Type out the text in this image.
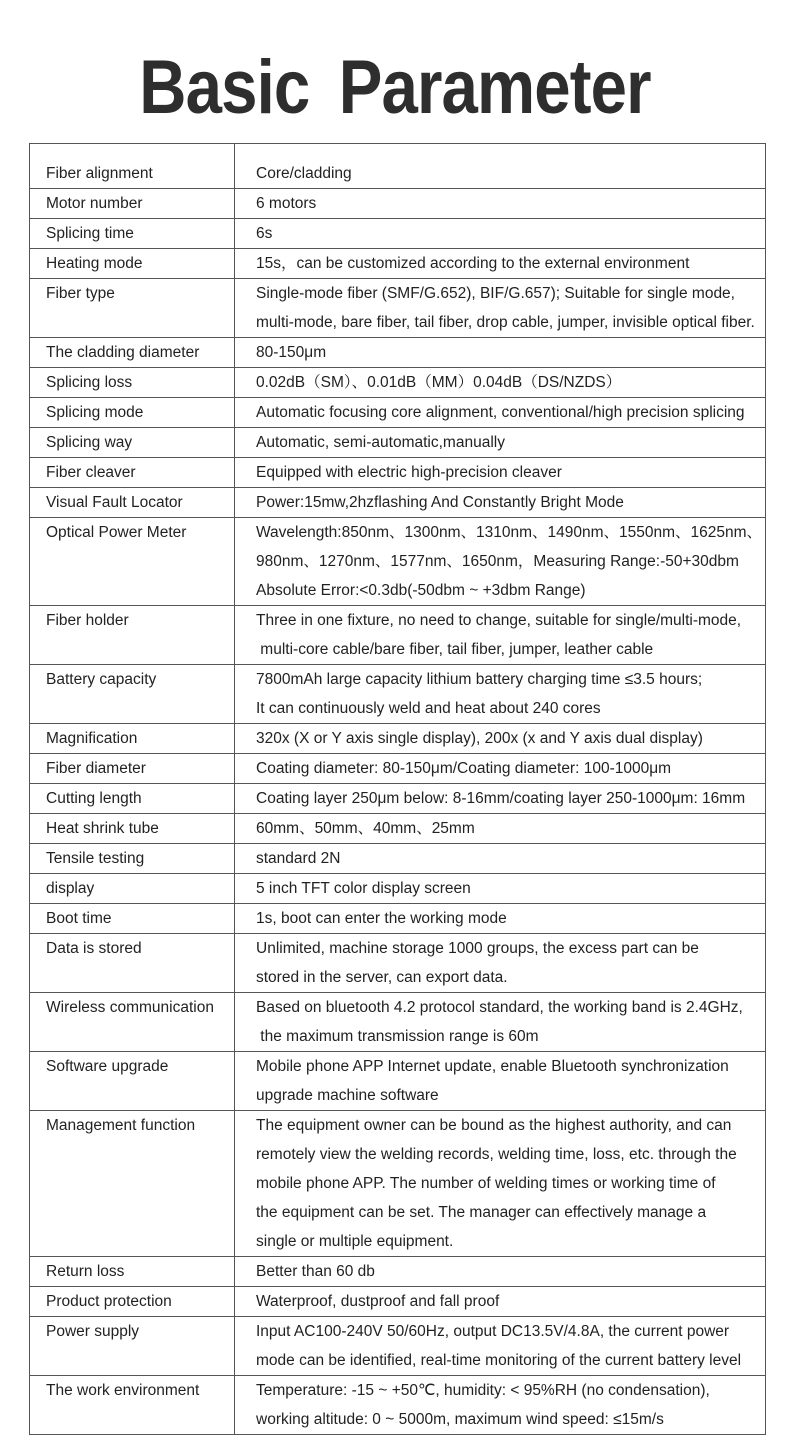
Basic Parameter
Fiber alignment	Core/cladding

Motor number	6 motors

Splicing time	6s

Heating mode	15s，can be customized according to the external environment

Fiber type	Single-mode fiber (SMF/G.652), BIF/G.657); Suitable for single mode,
multi-mode, bare fiber, tail fiber, drop cable, jumper, invisible optical fiber.

The cladding diameter	80-150μm

Splicing loss	0.02dB（SM）、0.01dB（MM）0.04dB（DS/NZDS）

Splicing mode	Automatic focusing core alignment, conventional/high precision splicing

Splicing way	Automatic, semi-automatic,manually

Fiber cleaver	Equipped with electric high-precision cleaver

Visual Fault Locator	Power:15mw,2hzflashing And Constantly Bright Mode

Optical Power Meter	Wavelength:850nm、1300nm、1310nm、1490nm、1550nm、1625nm、
980nm、1270nm、1577nm、1650nm，Measuring Range:-50+30dbm
Absolute Error:<0.3db(-50dbm ~ +3dbm Range)

Fiber holder	Three in one fixture, no need to change, suitable for single/multi-mode,
multi-core cable/bare fiber, tail fiber, jumper, leather cable

Battery capacity	7800mAh large capacity lithium battery charging time ≤3.5 hours;
It can continuously weld and heat about 240 cores

Magnification	320x (X or Y axis single display), 200x (x and Y axis dual display)

Fiber diameter	Coating diameter: 80-150μm/Coating diameter: 100-1000μm

Cutting length	Coating layer 250μm below: 8-16mm/coating layer 250-1000μm: 16mm

Heat shrink tube	60mm、50mm、40mm、25mm

Tensile testing	standard 2N

display	5 inch TFT color display screen

Boot time	1s, boot can enter the working mode

Data is stored	Unlimited, machine storage 1000 groups, the excess part can be
stored in the server, can export data.

Wireless communication	Based on bluetooth 4.2 protocol standard, the working band is 2.4GHz,
the maximum transmission range is 60m

Software upgrade	Mobile phone APP Internet update, enable Bluetooth synchronization
upgrade machine software

Management function	The equipment owner can be bound as the highest authority, and can
remotely view the welding records, welding time, loss, etc. through the
mobile phone APP. The number of welding times or working time of
the equipment can be set. The manager can effectively manage a
single or multiple equipment.

Return loss	Better than 60 db

Product protection	Waterproof, dustproof and fall proof

Power supply	Input AC100-240V 50/60Hz, output DC13.5V/4.8A, the current power
mode can be identified, real-time monitoring of the current battery level

The work environment	Temperature: -15 ~ +50℃, humidity: < 95%RH (no condensation),
working altitude: 0 ~ 5000m, maximum wind speed: ≤15m/s
